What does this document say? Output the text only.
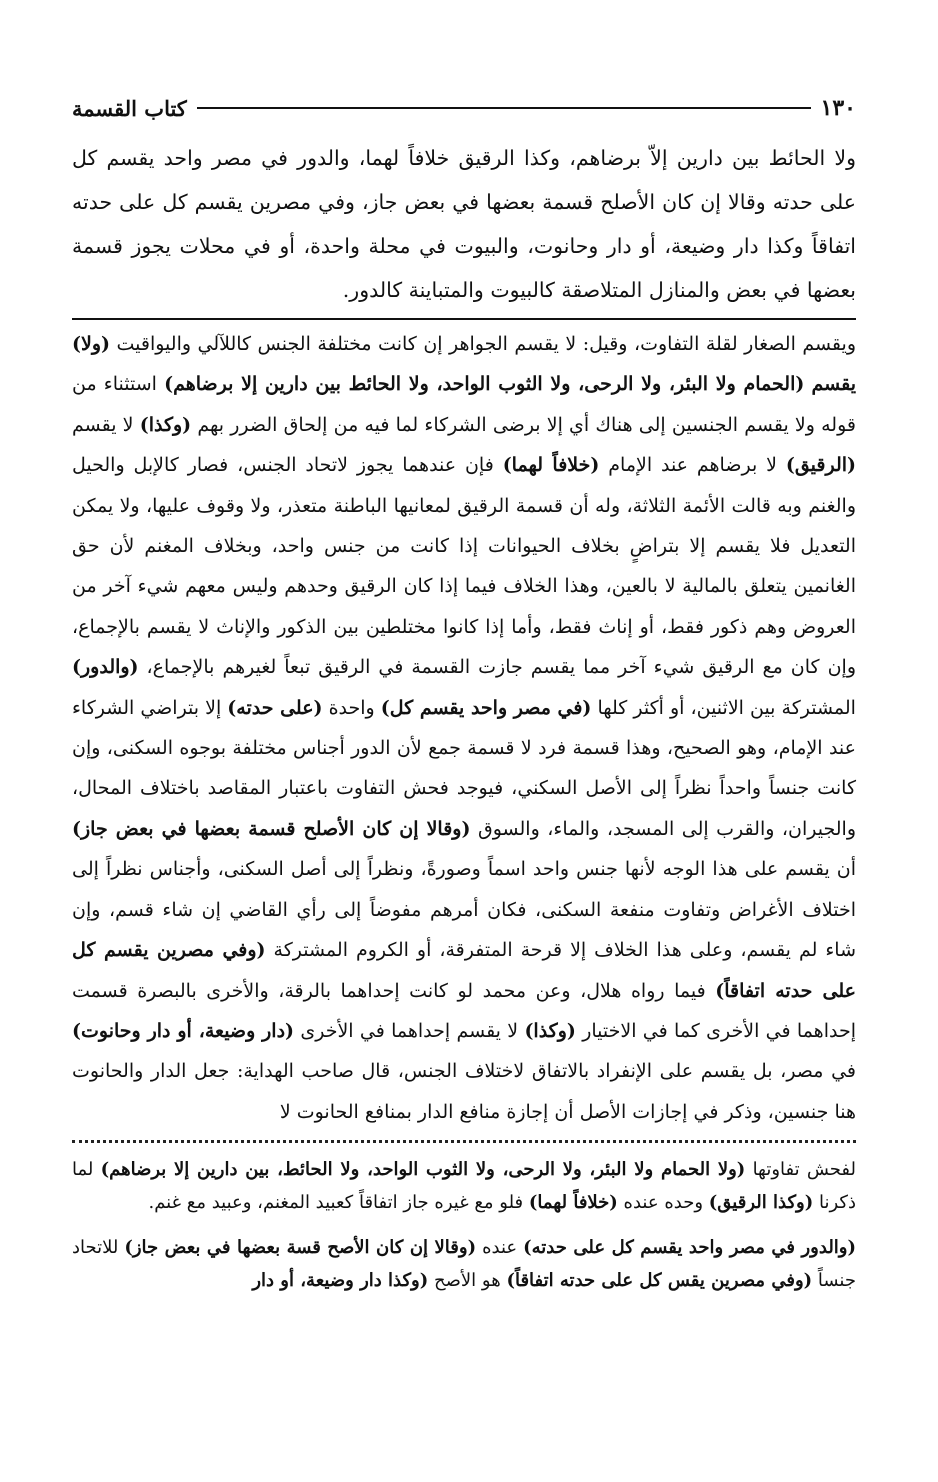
١٣٠
كتاب القسمة

ولا الحائط بين دارين إلاّ برضاهم، وكذا الرقيق خلافاً لهما، والدور في مصر واحد يقسم كل على حدته وقالا إن كان الأصلح قسمة بعضها في بعض جاز، وفي مصرين يقسم كل على حدته اتفاقاً وكذا دار وضيعة، أو دار وحانوت، والبيوت في محلة واحدة، أو في محلات يجوز قسمة بعضها في بعض والمنازل المتلاصقة كالبيوت والمتباينة كالدور.

ويقسم الصغار لقلة التفاوت، وقيل: لا يقسم الجواهر إن كانت مختلفة الجنس كاللآلي واليواقيت (ولا) يقسم (الحمام ولا البئر، ولا الرحى، ولا الثوب الواحد، ولا الحائط بين دارين إلا برضاهم) استثناء من قوله ولا يقسم الجنسين إلى هناك أي إلا برضى الشركاء لما فيه من إلحاق الضرر بهم (وكذا) لا يقسم (الرقيق) لا برضاهم عند الإمام (خلافاً لهما) فإن عندهما يجوز لاتحاد الجنس، فصار كالإبل والحيل والغنم وبه قالت الأئمة الثلاثة، وله أن قسمة الرقيق لمعانيها الباطنة متعذر، ولا وقوف عليها، ولا يمكن التعديل فلا يقسم إلا بتراضٍ بخلاف الحيوانات إذا كانت من جنس واحد، وبخلاف المغنم لأن حق الغانمين يتعلق بالمالية لا بالعين، وهذا الخلاف فيما إذا كان الرقيق وحدهم وليس معهم شيء آخر من العروض وهم ذكور فقط، أو إناث فقط، وأما إذا كانوا مختلطين بين الذكور والإناث لا يقسم بالإجماع، وإن كان مع الرقيق شيء آخر مما يقسم جازت القسمة في الرقيق تبعاً لغيرهم بالإجماع، (والدور) المشتركة بين الاثنين، أو أكثر كلها (في مصر واحد يقسم كل) واحدة (على حدته) إلا بتراضي الشركاء عند الإمام، وهو الصحيح، وهذا قسمة فرد لا قسمة جمع لأن الدور أجناس مختلفة بوجوه السكنى، وإن كانت جنساً واحداً نظراً إلى الأصل السكني، فيوجد فحش التفاوت باعتبار المقاصد باختلاف المحال، والجيران، والقرب إلى المسجد، والماء، والسوق (وقالا إن كان الأصلح قسمة بعضها في بعض جاز) أن يقسم على هذا الوجه لأنها جنس واحد اسماً وصورةً، ونظراً إلى أصل السكنى، وأجناس نظراً إلى اختلاف الأغراض وتفاوت منفعة السكنى، فكان أمرهم مفوضاً إلى رأي القاضي إن شاء قسم، وإن شاء لم يقسم، وعلى هذا الخلاف إلا قرحة المتفرقة، أو الكروم المشتركة (وفي مصرين يقسم كل على حدته اتفاقاً) فيما رواه هلال، وعن محمد لو كانت إحداهما بالرقة، والأخرى بالبصرة قسمت إحداهما في الأخرى كما في الاختيار (وكذا) لا يقسم إحداهما في الأخرى (دار وضيعة، أو دار وحانوت) في مصر، بل يقسم على الإنفراد بالاتفاق لاختلاف الجنس، قال صاحب الهداية: جعل الدار والحانوت هنا جنسين، وذكر في إجازات الأصل أن إجازة منافع الدار بمنافع الحانوت لا

لفحش تفاوتها (ولا الحمام ولا البئر، ولا الرحى، ولا الثوب الواحد، ولا الحائط، بين دارين إلا برضاهم) لما ذكرنا (وكذا الرقيق) وحده عنده (خلافاً لهما) فلو مع غيره جاز اتفاقاً كعبيد المغنم، وعبيد مع غنم.

(والدور في مصر واحد يقسم كل على حدته) عنده (وقالا إن كان الأصح قسة بعضها في بعض جاز) للاتحاد جنساً (وفي مصرين يقس كل على حدته اتفاقاً) هو الأصح (وكذا دار وضيعة، أو دار
